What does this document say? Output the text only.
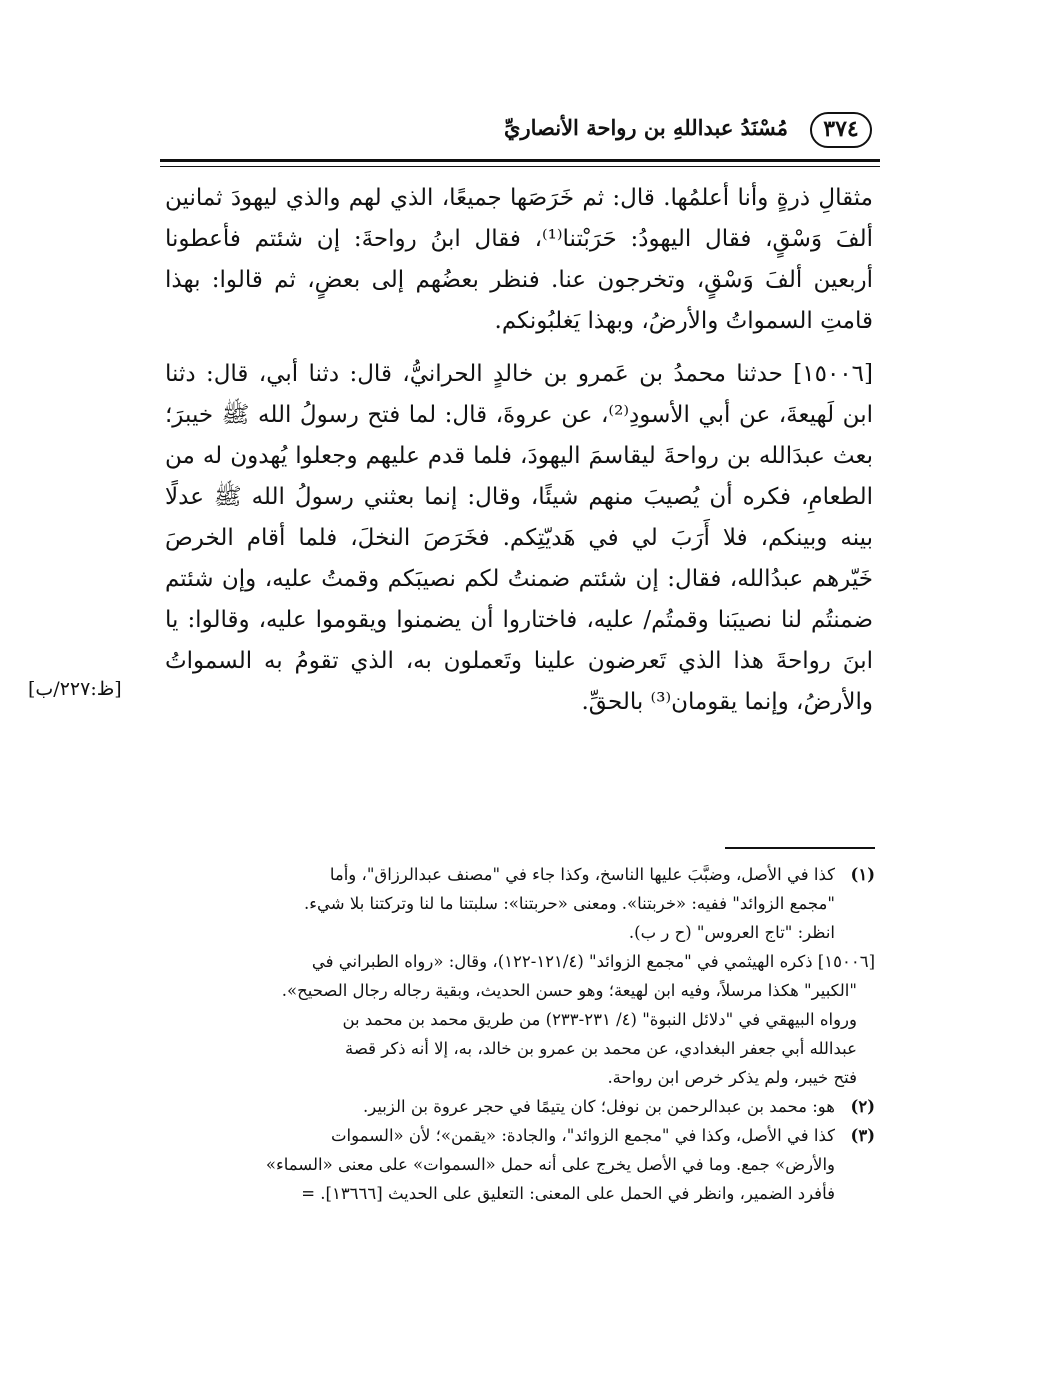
٣٧٤
مُسْنَدُ عبداللهِ بن رواحة الأنصاريِّ

مثقالِ ذرةٍ وأنا أعلمُها. قال: ثم خَرَصَها جميعًا، الذي لهم والذي ليهودَ ثمانين ألفَ وَسْقٍ، فقال اليهودُ: حَرَبْتنا⁽¹⁾، فقال ابنُ رواحةَ: إن شئتم فأعطونا أربعين ألفَ وَسْقٍ، وتخرجون عنا. فنظر بعضُهم إلى بعضٍ، ثم قالوا: بهذا قامتِ السمواتُ والأرضُ، وبهذا يَغلبُونكم.

[١٥٠٠٦] حدثنا محمدُ بن عَمرو بن خالدٍ الحرانيُّ، قال: دثنا أبي، قال: دثنا ابن لَهيعةَ، عن أبي الأسودِ⁽²⁾، عن عروةَ، قال: لما فتح رسولُ الله ﷺ خيبرَ؛ بعث عبدَالله بن رواحةَ ليقاسمَ اليهودَ، فلما قدم عليهم وجعلوا يُهدون له من الطعامِ، فكره أن يُصيبَ منهم شيئًا، وقال: إنما بعثني رسولُ الله ﷺ عدلًا بينه وبينكم، فلا أَرَبَ لي في هَديّتِكم. فخَرَصَ النخلَ، فلما أقام الخرصَ خَيّرهم عبدُالله، فقال: إن شئتم ضمنتُ لكم نصيبَكم وقمتُ عليه، وإن شئتم ضمنتُم لنا نصيبَنا وقمتُم/ عليه، فاختاروا أن يضمنوا ويقوموا عليه، وقالوا: يا ابنَ رواحةَ هذا الذي تَعرضون علينا وتَعملون به، الذي تقومُ به السمواتُ والأرضُ، وإنما يقومان⁽³⁾ بالحقِّ.

[ظ:٢٢٧/ب]
(١)
كذا في الأصل، وضبَّبَ عليها الناسخ، وكذا جاء في "مصنف عبدالرزاق"، وأما
"مجمع الزوائد" ففيه: «خربتنا». ومعنى «حربتنا»: سلبتنا ما لنا وتركتنا بلا شيء.
انظر: "تاج العروس" (ح ر ب).
[١٥٠٠٦] ذكره الهيثمي في "مجمع الزوائد" (١٢١/٤-١٢٢)، وقال: «رواه الطبراني في
"الكبير" هكذا مرسلاً، وفيه ابن لهيعة؛ وهو حسن الحديث، وبقية رجاله رجال الصحيح».
ورواه البيهقي في "دلائل النبوة" (٤/ ٢٣١-٢٣٣) من طريق محمد بن محمد بن
عبدالله أبي جعفر البغدادي، عن محمد بن عمرو بن خالد، به، إلا أنه ذكر قصة
فتح خيبر، ولم يذكر خرص ابن رواحة.
(٢)
هو: محمد بن عبدالرحمن بن نوفل؛ كان يتيمًا في حجر عروة بن الزبير.
(٣)
كذا في الأصل، وكذا في "مجمع الزوائد"، والجادة: «يقمن»؛ لأن «السموات
والأرض» جمع. وما في الأصل يخرج على أنه حمل «السموات» على معنى «السماء»
فأفرد الضمير، وانظر في الحمل على المعنى: التعليق على الحديث [١٣٦٦٦]. =
